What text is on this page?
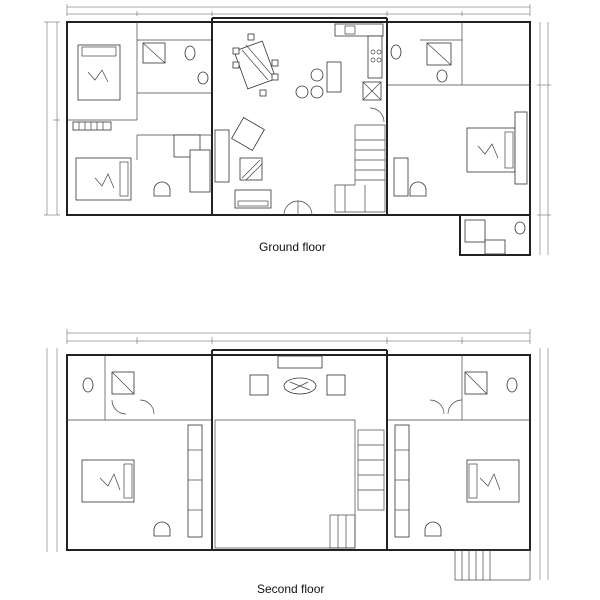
Ground floor
Second floor
